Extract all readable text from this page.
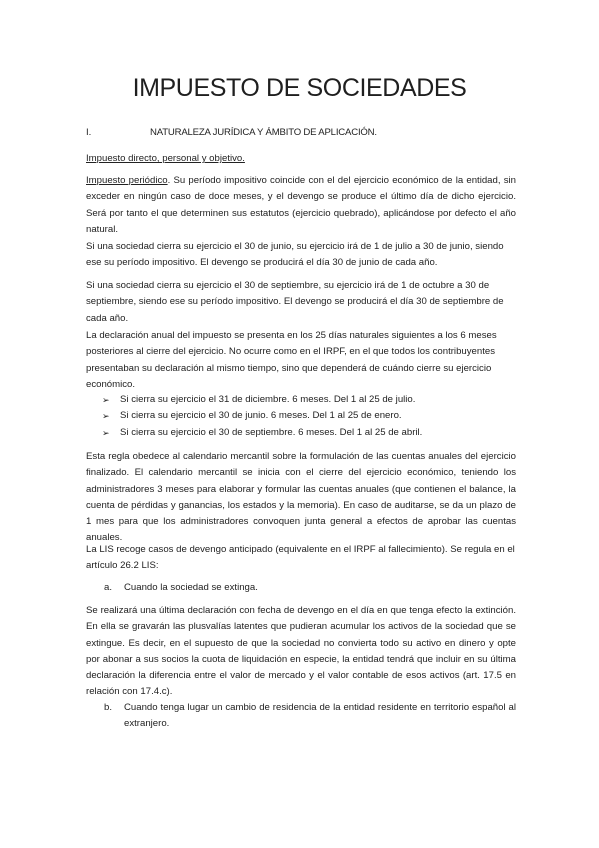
IMPUESTO DE SOCIEDADES
I.	NATURALEZA JURÍDICA Y ÁMBITO DE APLICACIÓN.
Impuesto directo, personal y objetivo.
Impuesto periódico. Su período impositivo coincide con el del ejercicio económico de la entidad, sin exceder en ningún caso de doce meses, y el devengo se produce el último día de dicho ejercicio. Será por tanto el que determinen sus estatutos (ejercicio quebrado), aplicándose por defecto el año natural.
Si una sociedad cierra su ejercicio el 30 de junio, su ejercicio irá de 1 de julio a 30 de junio, siendo ese su período impositivo. El devengo se producirá el día 30 de junio de cada año.
Si una sociedad cierra su ejercicio el 30 de septiembre, su ejercicio irá de 1 de octubre a 30 de septiembre, siendo ese su período impositivo. El devengo se producirá el día 30 de septiembre de cada año.
La declaración anual del impuesto se presenta en los 25 días naturales siguientes a los 6 meses posteriores al cierre del ejercicio. No ocurre como en el IRPF, en el que todos los contribuyentes presentaban su declaración al mismo tiempo, sino que dependerá de cuándo cierre su ejercicio económico.
➢	Si cierra su ejercicio el 31 de diciembre. 6 meses. Del 1 al 25 de julio.
➢	Si cierra su ejercicio el 30 de junio. 6 meses. Del 1 al 25 de enero.
➢	Si cierra su ejercicio el 30 de septiembre. 6 meses. Del 1 al 25 de abril.
Esta regla obedece al calendario mercantil sobre la formulación de las cuentas anuales del ejercicio finalizado. El calendario mercantil se inicia con el cierre del ejercicio económico, teniendo los administradores 3 meses para elaborar y formular las cuentas anuales (que contienen el balance, la cuenta de pérdidas y ganancias, los estados y la memoria). En caso de auditarse, se da un plazo de 1 mes para que los administradores convoquen junta general a efectos de aprobar las cuentas anuales.
La LIS recoge casos de devengo anticipado (equivalente en el IRPF al fallecimiento). Se regula en el artículo 26.2 LIS:
a.	Cuando la sociedad se extinga.
Se realizará una última declaración con fecha de devengo en el día en que tenga efecto la extinción. En ella se gravarán las plusvalías latentes que pudieran acumular los activos de la sociedad que se extingue. Es decir, en el supuesto de que la sociedad no convierta todo su activo en dinero y opte por abonar a sus socios la cuota de liquidación en especie, la entidad tendrá que incluir en su última declaración la diferencia entre el valor de mercado y el valor contable de esos activos (art. 17.5 en relación con 17.4.c).
b.	Cuando tenga lugar un cambio de residencia de la entidad residente en territorio español al extranjero.
